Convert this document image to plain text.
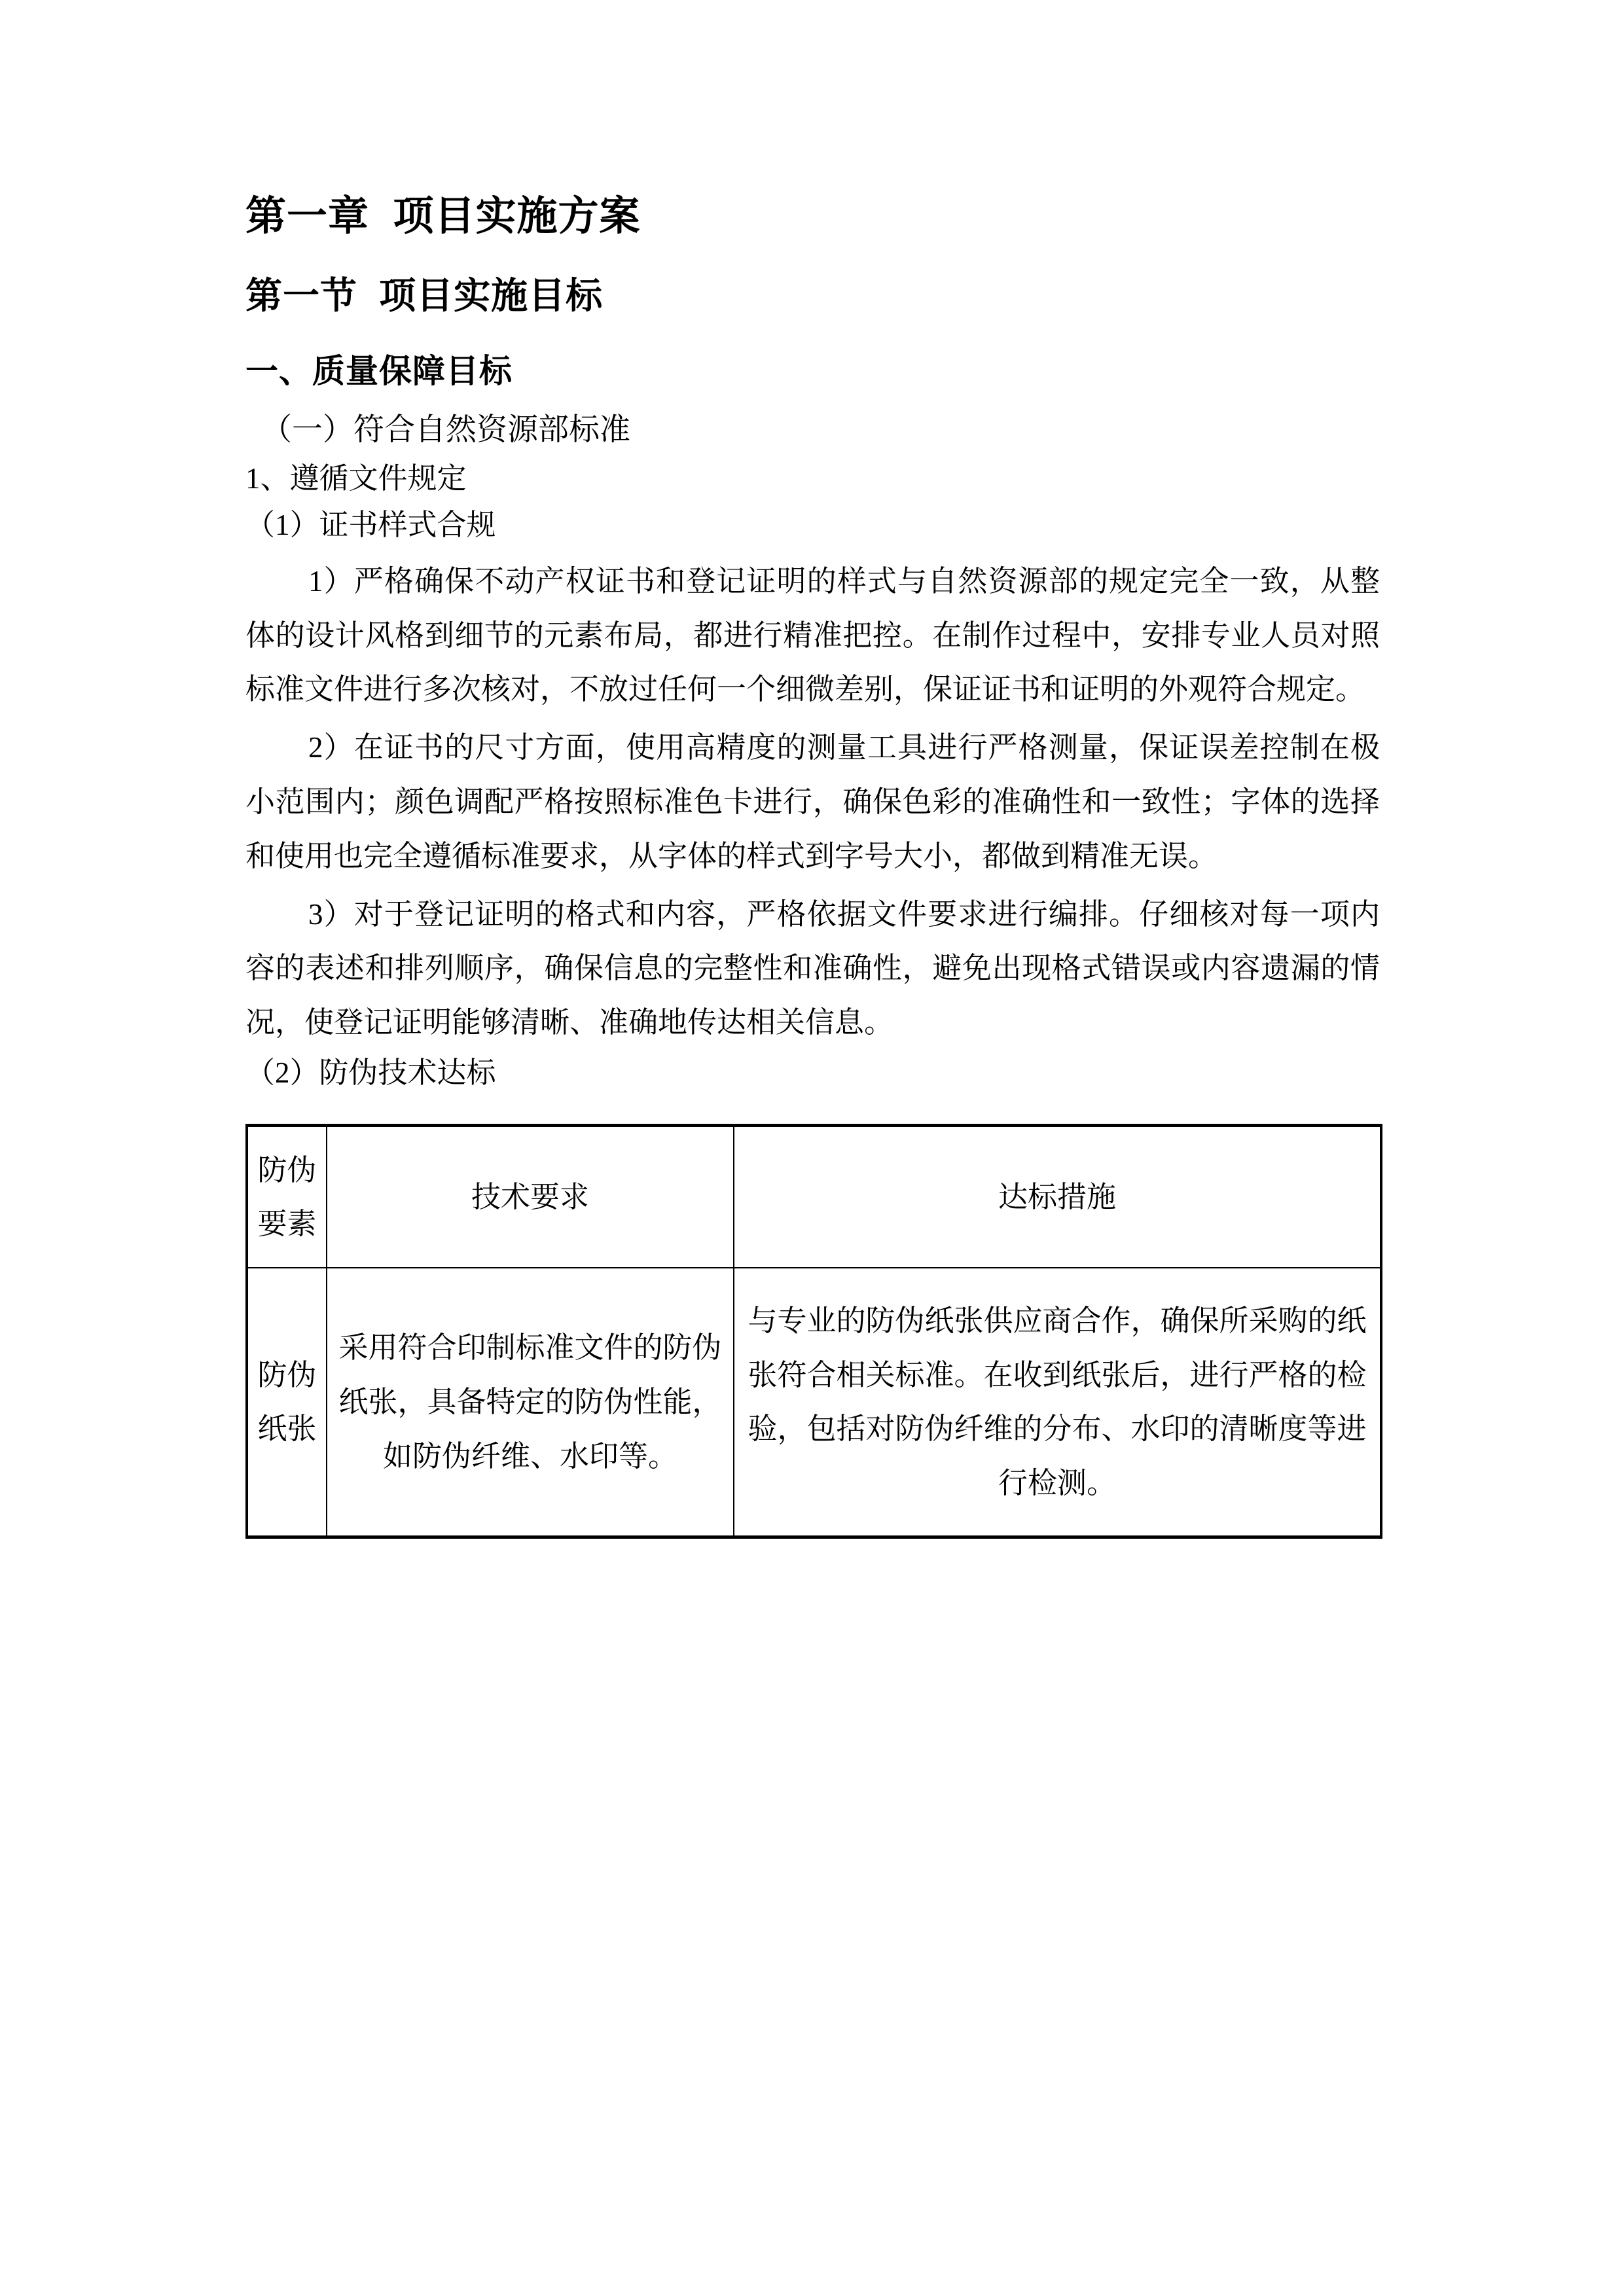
第一章  项目实施方案
第一节  项目实施目标
一、质量保障目标

（一）符合自然资源部标准

1、遵循文件规定

（1）证书样式合规

1）严格确保不动产权证书和登记证明的样式与自然资源部的规定完全一致，从整体的设计风格到细节的元素布局，都进行精准把控。在制作过程中，安排专业人员对照标准文件进行多次核对，不放过任何一个细微差别，保证证书和证明的外观符合规定。

2）在证书的尺寸方面，使用高精度的测量工具进行严格测量，保证误差控制在极小范围内；颜色调配严格按照标准色卡进行，确保色彩的准确性和一致性；字体的选择和使用也完全遵循标准要求，从字体的样式到字号大小，都做到精准无误。

3）对于登记证明的格式和内容，严格依据文件要求进行编排。仔细核对每一项内容的表述和排列顺序，确保信息的完整性和准确性，避免出现格式错误或内容遗漏的情况，使登记证明能够清晰、准确地传达相关信息。

（2）防伪技术达标

防伪要素	技术要求	达标措施
防伪纸张	采用符合印制标准文件的防伪纸张，具备特定的防伪性能，如防伪纤维、水印等。	与专业的防伪纸张供应商合作，确保所采购的纸张符合相关标准。在收到纸张后，进行严格的检验，包括对防伪纤维的分布、水印的清晰度等进行检测。
